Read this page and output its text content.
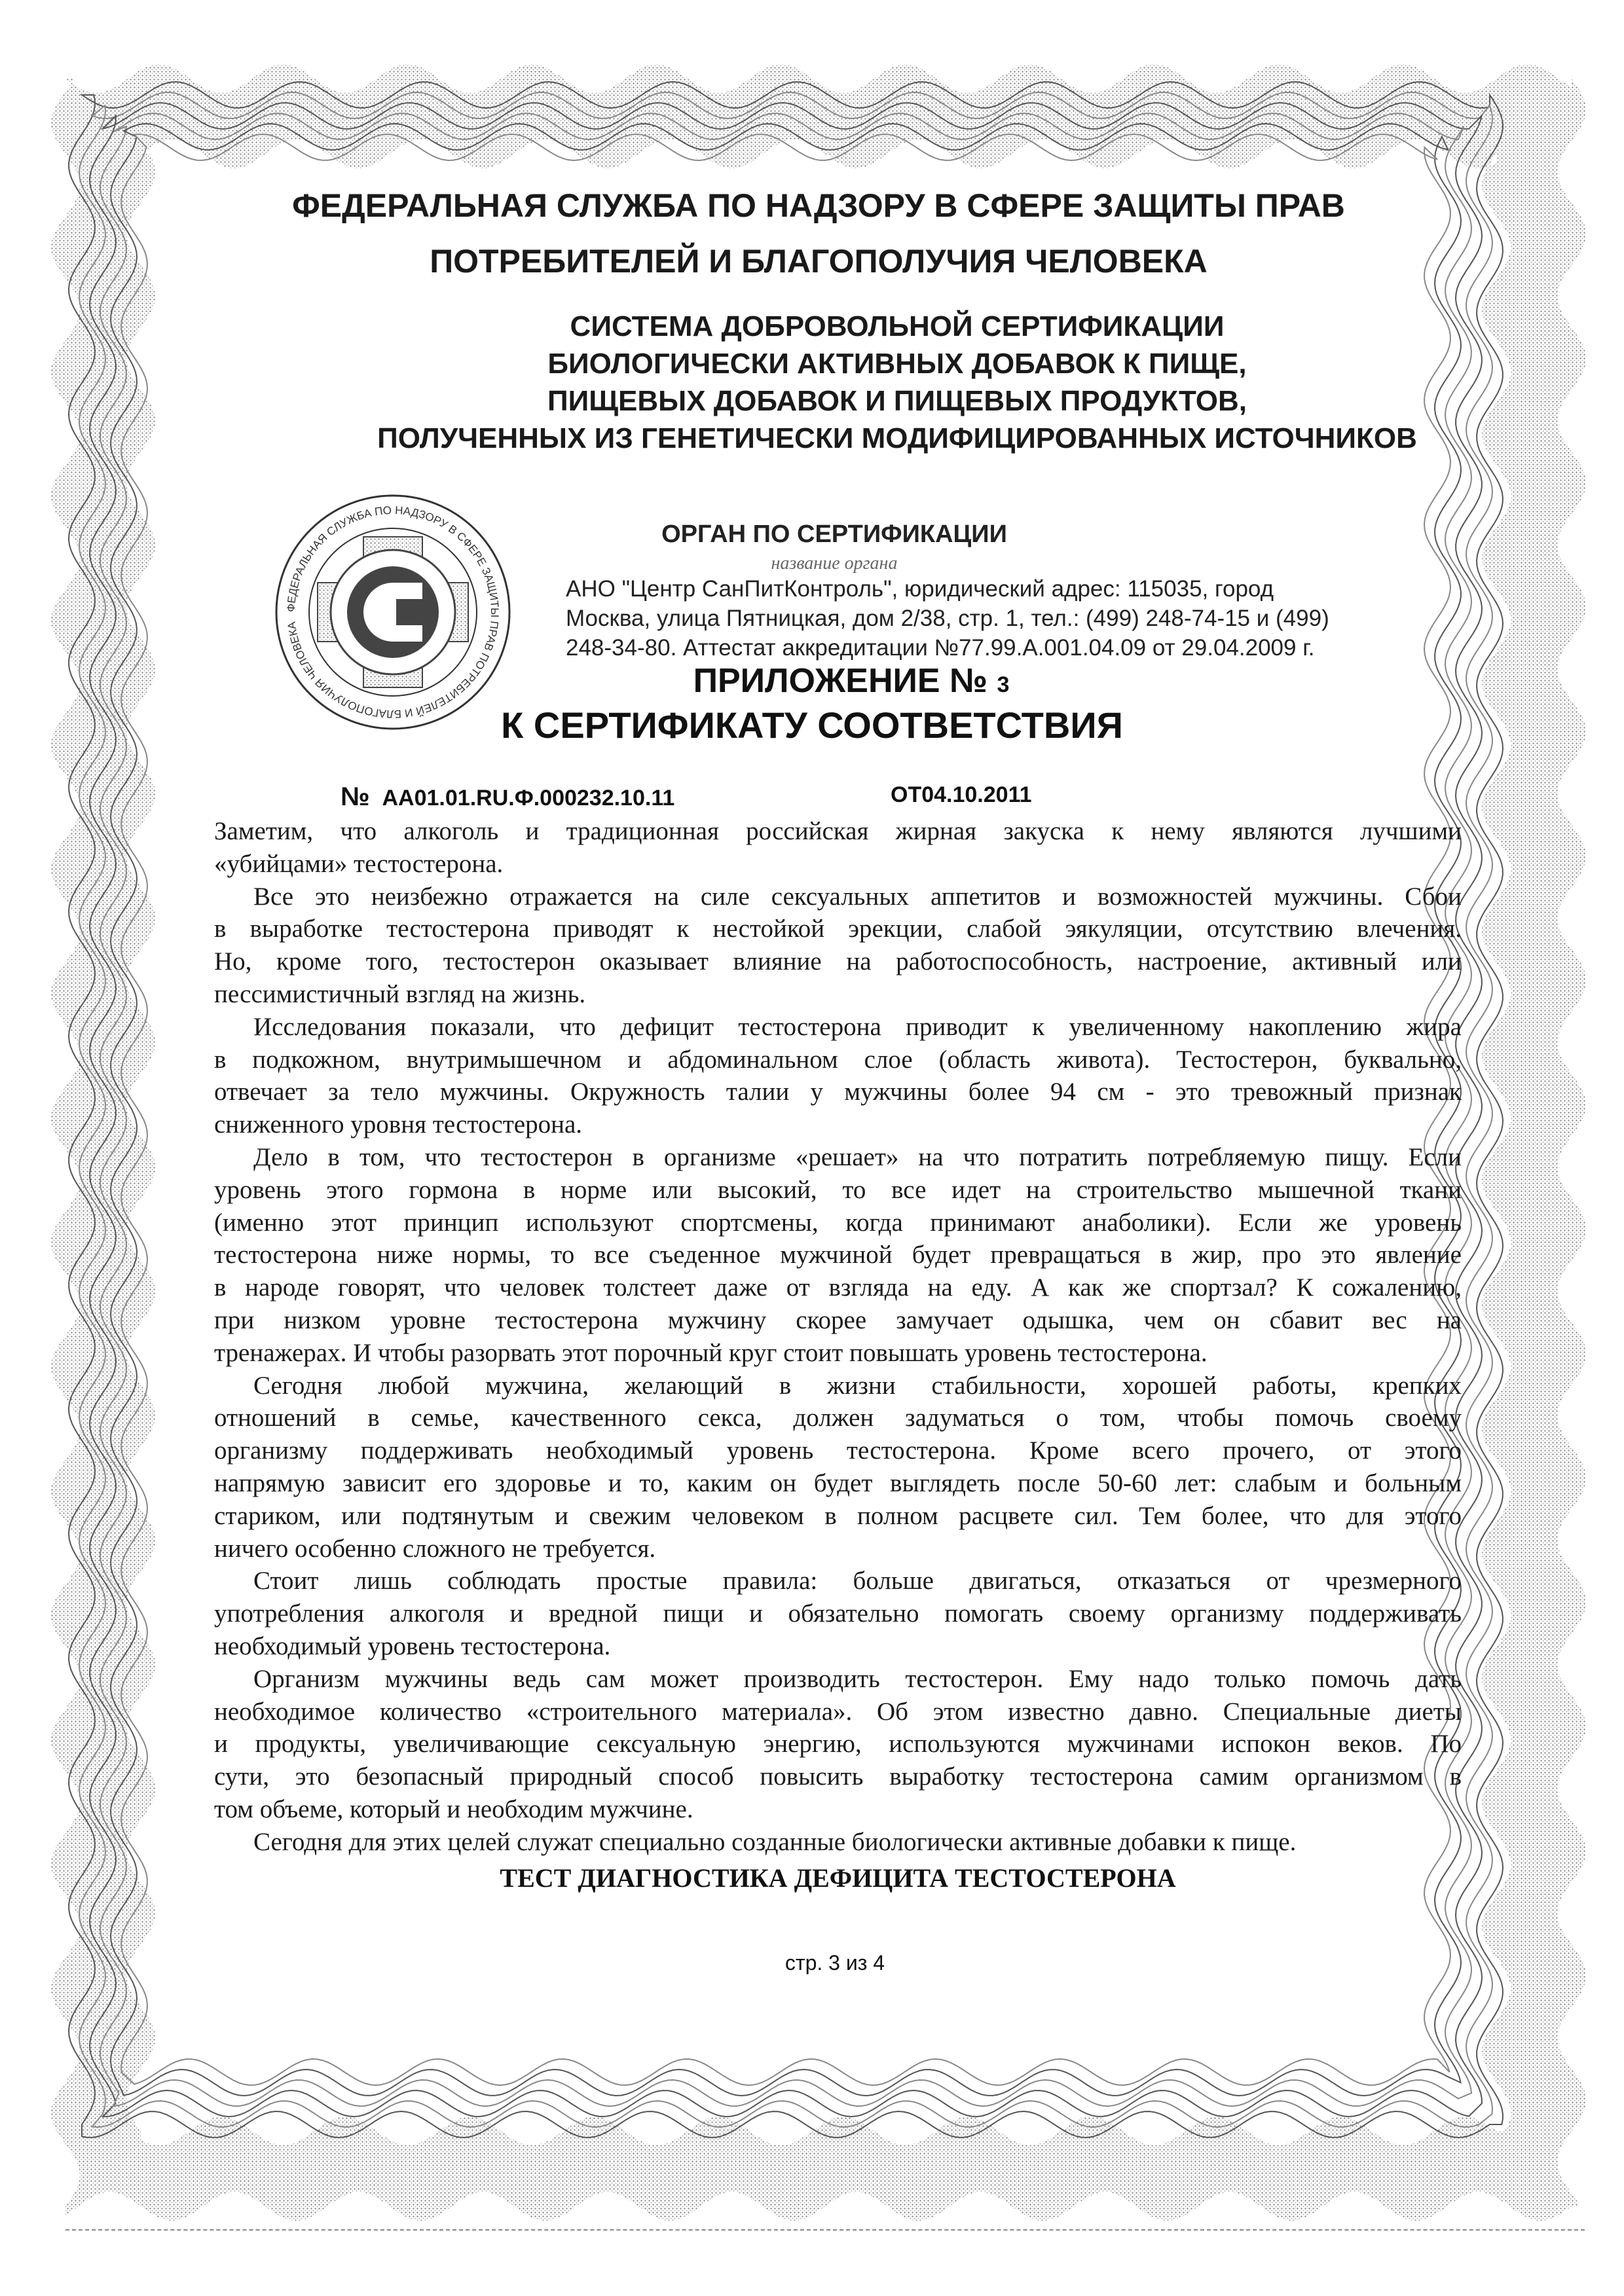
ФЕДЕРАЛЬНАЯ СЛУЖБА ПО НАДЗОРУ В СФЕРЕ ЗАЩИТЫ ПРАВ
ПОТРЕБИТЕЛЕЙ И БЛАГОПОЛУЧИЯ ЧЕЛОВЕКА
СИСТЕМА ДОБРОВОЛЬНОЙ СЕРТИФИКАЦИИ
БИОЛОГИЧЕСКИ АКТИВНЫХ ДОБАВОК К ПИЩЕ,
ПИЩЕВЫХ ДОБАВОК И ПИЩЕВЫХ ПРОДУКТОВ,
ПОЛУЧЕННЫХ ИЗ ГЕНЕТИЧЕСКИ МОДИФИЦИРОВАННЫХ ИСТОЧНИКОВ
ФЕДЕРАЛЬНАЯ СЛУЖБА ПО НАДЗОРУ В СФЕРЕ ЗАЩИТЫ ПРАВ ПОТРЕБИТЕЛЕЙ И БЛАГОПОЛУЧИЯ ЧЕЛОВЕКА
ОРГАН ПО СЕРТИФИКАЦИИ
название органа
АНО "Центр СанПитКонтроль", юридический адрес: 115035, город
Москва, улица Пятницкая, дом 2/38, стр. 1, тел.: (499) 248-74-15 и (499)
248-34-80. Аттестат аккредитации №77.99.А.001.04.09 от 29.04.2009 г.
ПРИЛОЖЕНИЕ № 3
К СЕРТИФИКАТУ СООТВЕТСТВИЯ
№ АА01.01.RU.Ф.000232.10.11	ОТ04.10.2011
Заметим, что алкоголь и традиционная российская жирная закуска к нему являются лучшими
«убийцами» тестостерона.
Все это неизбежно отражается на силе сексуальных аппетитов и возможностей мужчины. Сбои
в выработке тестостерона приводят к нестойкой эрекции, слабой эякуляции, отсутствию влечения.
Но, кроме того, тестостерон оказывает влияние на работоспособность, настроение, активный или
пессимистичный взгляд на жизнь.
Исследования показали, что дефицит тестостерона приводит к увеличенному накоплению жира
в подкожном, внутримышечном и абдоминальном слое (область живота). Тестостерон, буквально,
отвечает за тело мужчины. Окружность талии у мужчины более 94 см - это тревожный признак
сниженного уровня тестостерона.
Дело в том, что тестостерон в организме «решает» на что потратить потребляемую пищу. Если
уровень этого гормона в норме или высокий, то все идет на строительство мышечной ткани
(именно этот принцип используют спортсмены, когда принимают анаболики). Если же уровень
тестостерона ниже нормы, то все съеденное мужчиной будет превращаться в жир, про это явление
в народе говорят, что человек толстеет даже от взгляда на еду. А как же спортзал? К сожалению,
при низком уровне тестостерона мужчину скорее замучает одышка, чем он сбавит вес на
тренажерах. И чтобы разорвать этот порочный круг стоит повышать уровень тестостерона.
Сегодня любой мужчина, желающий в жизни стабильности, хорошей работы, крепких
отношений в семье, качественного секса, должен задуматься о том, чтобы помочь своему
организму поддерживать необходимый уровень тестостерона. Кроме всего прочего, от этого
напрямую зависит его здоровье и то, каким он будет выглядеть после 50-60 лет: слабым и больным
стариком, или подтянутым и свежим человеком в полном расцвете сил. Тем более, что для этого
ничего особенно сложного не требуется.
Стоит лишь соблюдать простые правила: больше двигаться, отказаться от чрезмерного
употребления алкоголя и вредной пищи и обязательно помогать своему организму поддерживать
необходимый уровень тестостерона.
Организм мужчины ведь сам может производить тестостерон. Ему надо только помочь дать
необходимое количество «строительного материала». Об этом известно давно. Специальные диеты
и продукты, увеличивающие сексуальную энергию, используются мужчинами испокон веков. По
сути, это безопасный природный способ повысить выработку тестостерона самим организмом в
том объеме, который и необходим мужчине.
Сегодня для этих целей служат специально созданные биологически активные добавки к пище.
ТЕСТ ДИАГНОСТИКА ДЕФИЦИТА ТЕСТОСТЕРОНА
стр. 3 из 4
